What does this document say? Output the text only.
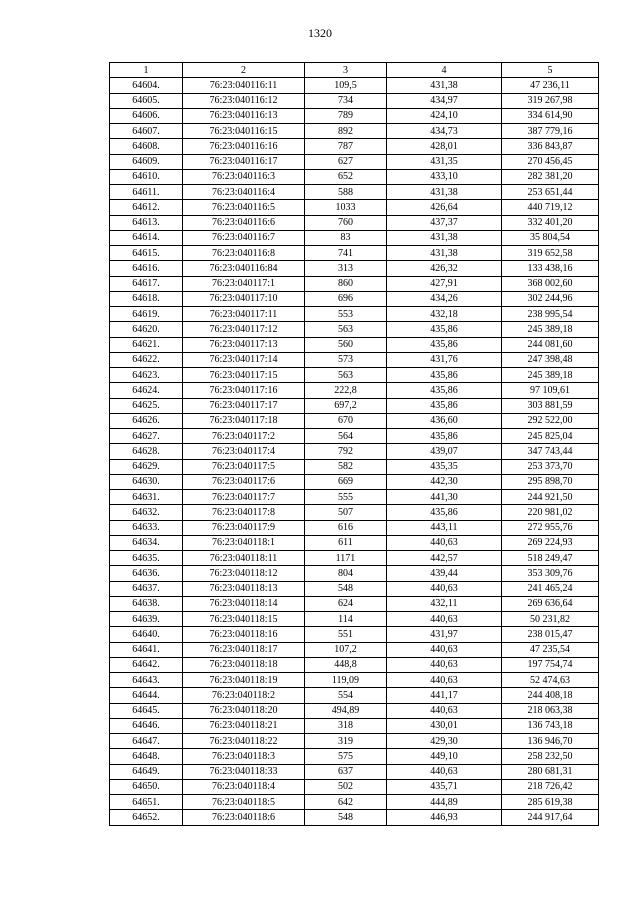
1320
1	2	3	4	5
64604.	76:23:040116:11	109,5	431,38	47 236,11
64605.	76:23:040116:12	734	434,97	319 267,98
64606.	76:23:040116:13	789	424,10	334 614,90
64607.	76:23:040116:15	892	434,73	387 779,16
64608.	76:23:040116:16	787	428,01	336 843,87
64609.	76:23:040116:17	627	431,35	270 456,45
64610.	76:23:040116:3	652	433,10	282 381,20
64611.	76:23:040116:4	588	431,38	253 651,44
64612.	76:23:040116:5	1033	426,64	440 719,12
64613.	76:23:040116:6	760	437,37	332 401,20
64614.	76:23:040116:7	83	431,38	35 804,54
64615.	76:23:040116:8	741	431,38	319 652,58
64616.	76:23:040116:84	313	426,32	133 438,16
64617.	76:23:040117:1	860	427,91	368 002,60
64618.	76:23:040117:10	696	434,26	302 244,96
64619.	76:23:040117:11	553	432,18	238 995,54
64620.	76:23:040117:12	563	435,86	245 389,18
64621.	76:23:040117:13	560	435,86	244 081,60
64622.	76:23:040117:14	573	431,76	247 398,48
64623.	76:23:040117:15	563	435,86	245 389,18
64624.	76:23:040117:16	222,8	435,86	97 109,61
64625.	76:23:040117:17	697,2	435,86	303 881,59
64626.	76:23:040117:18	670	436,60	292 522,00
64627.	76:23:040117:2	564	435,86	245 825,04
64628.	76:23:040117:4	792	439,07	347 743,44
64629.	76:23:040117:5	582	435,35	253 373,70
64630.	76:23:040117:6	669	442,30	295 898,70
64631.	76:23:040117:7	555	441,30	244 921,50
64632.	76:23:040117:8	507	435,86	220 981,02
64633.	76:23:040117:9	616	443,11	272 955,76
64634.	76:23:040118:1	611	440,63	269 224,93
64635.	76:23:040118:11	1171	442,57	518 249,47
64636.	76:23:040118:12	804	439,44	353 309,76
64637.	76:23:040118:13	548	440,63	241 465,24
64638.	76:23:040118:14	624	432,11	269 636,64
64639.	76:23:040118:15	114	440,63	50 231,82
64640.	76:23:040118:16	551	431,97	238 015,47
64641.	76:23:040118:17	107,2	440,63	47 235,54
64642.	76:23:040118:18	448,8	440,63	197 754,74
64643.	76:23:040118:19	119,09	440,63	52 474,63
64644.	76:23:040118:2	554	441,17	244 408,18
64645.	76:23:040118:20	494,89	440,63	218 063,38
64646.	76:23:040118:21	318	430,01	136 743,18
64647.	76:23:040118:22	319	429,30	136 946,70
64648.	76:23:040118:3	575	449,10	258 232,50
64649.	76:23:040118:33	637	440,63	280 681,31
64650.	76:23:040118:4	502	435,71	218 726,42
64651.	76:23:040118:5	642	444,89	285 619,38
64652.	76:23:040118:6	548	446,93	244 917,64
